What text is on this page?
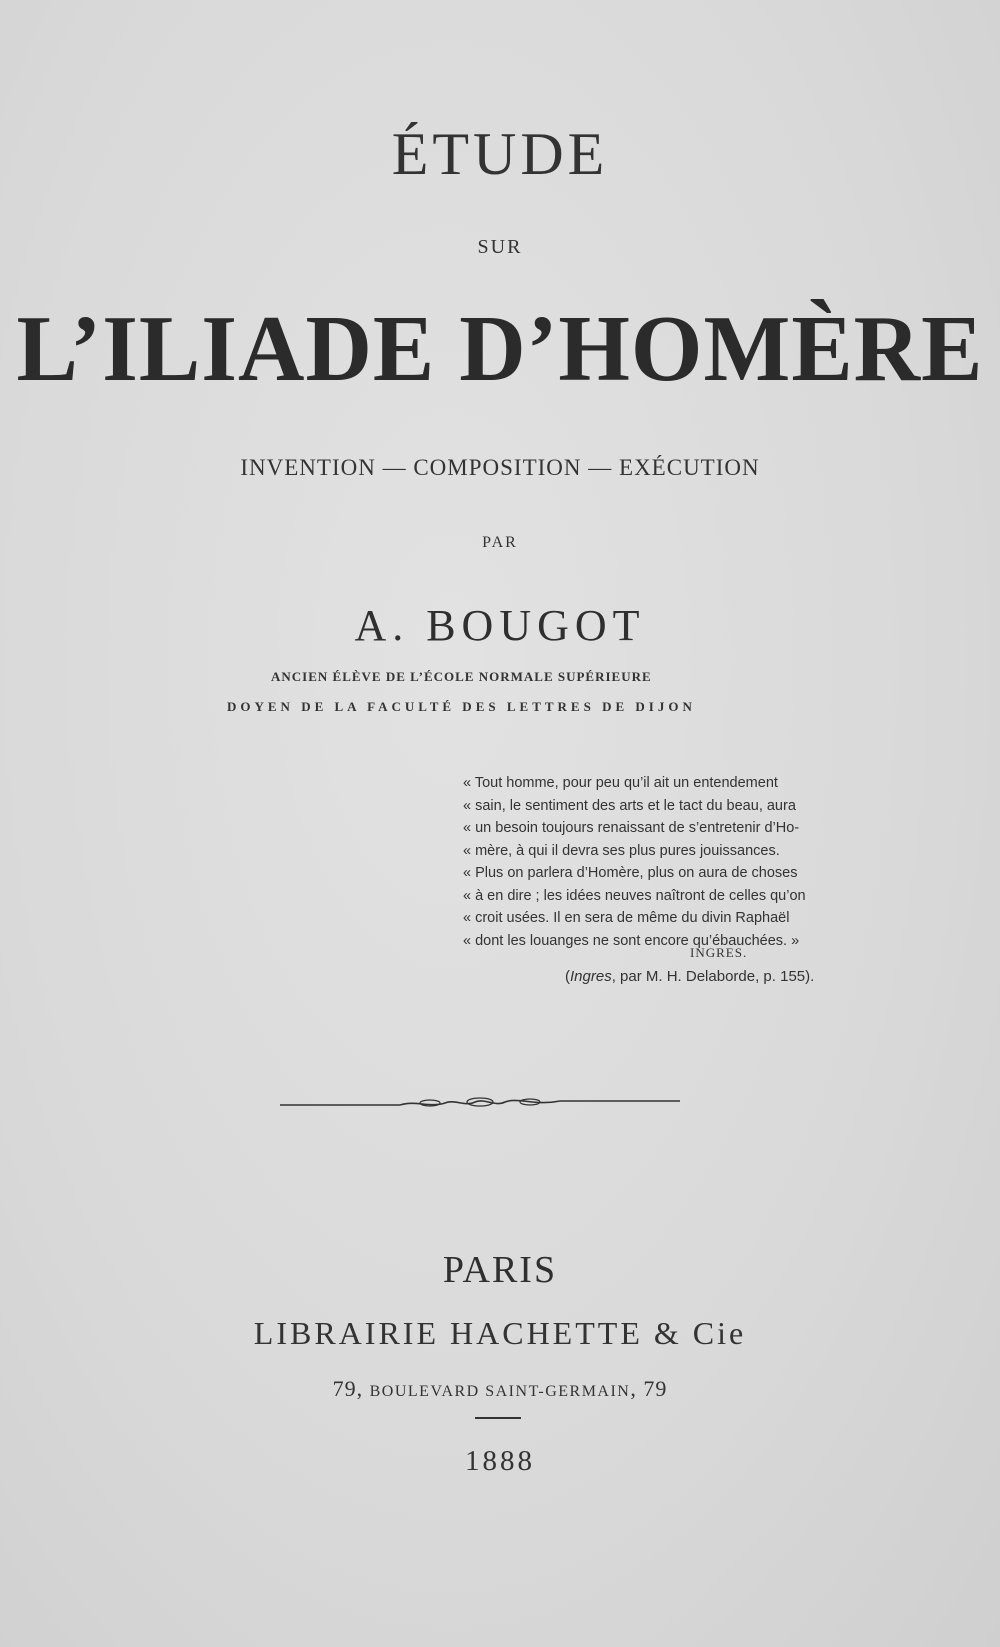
ÉTUDE
SUR
L’ILIADE D’HOMÈRE
INVENTION — COMPOSITION — EXÉCUTION
PAR
A. BOUGOT
ANCIEN ÉLÈVE DE L’ÉCOLE NORMALE SUPÉRIEURE
DOYEN DE LA FACULTÉ DES LETTRES DE DIJON
« Tout homme, pour peu qu’il ait un entendement
« sain, le sentiment des arts et le tact du beau, aura
« un besoin toujours renaissant de s’entretenir d’Ho-
« mère, à qui il devra ses plus pures jouissances.
« Plus on parlera d’Homère, plus on aura de choses
« à en dire ; les idées neuves naîtront de celles qu’on
« croit usées. Il en sera de même du divin Raphaël
« dont les louanges ne sont encore qu’ébauchées. »
INGRES.
(Ingres, par M. H. Delaborde, p. 155).
PARIS
LIBRAIRIE HACHETTE & Cie
79, BOULEVARD SAINT-GERMAIN, 79
1888
